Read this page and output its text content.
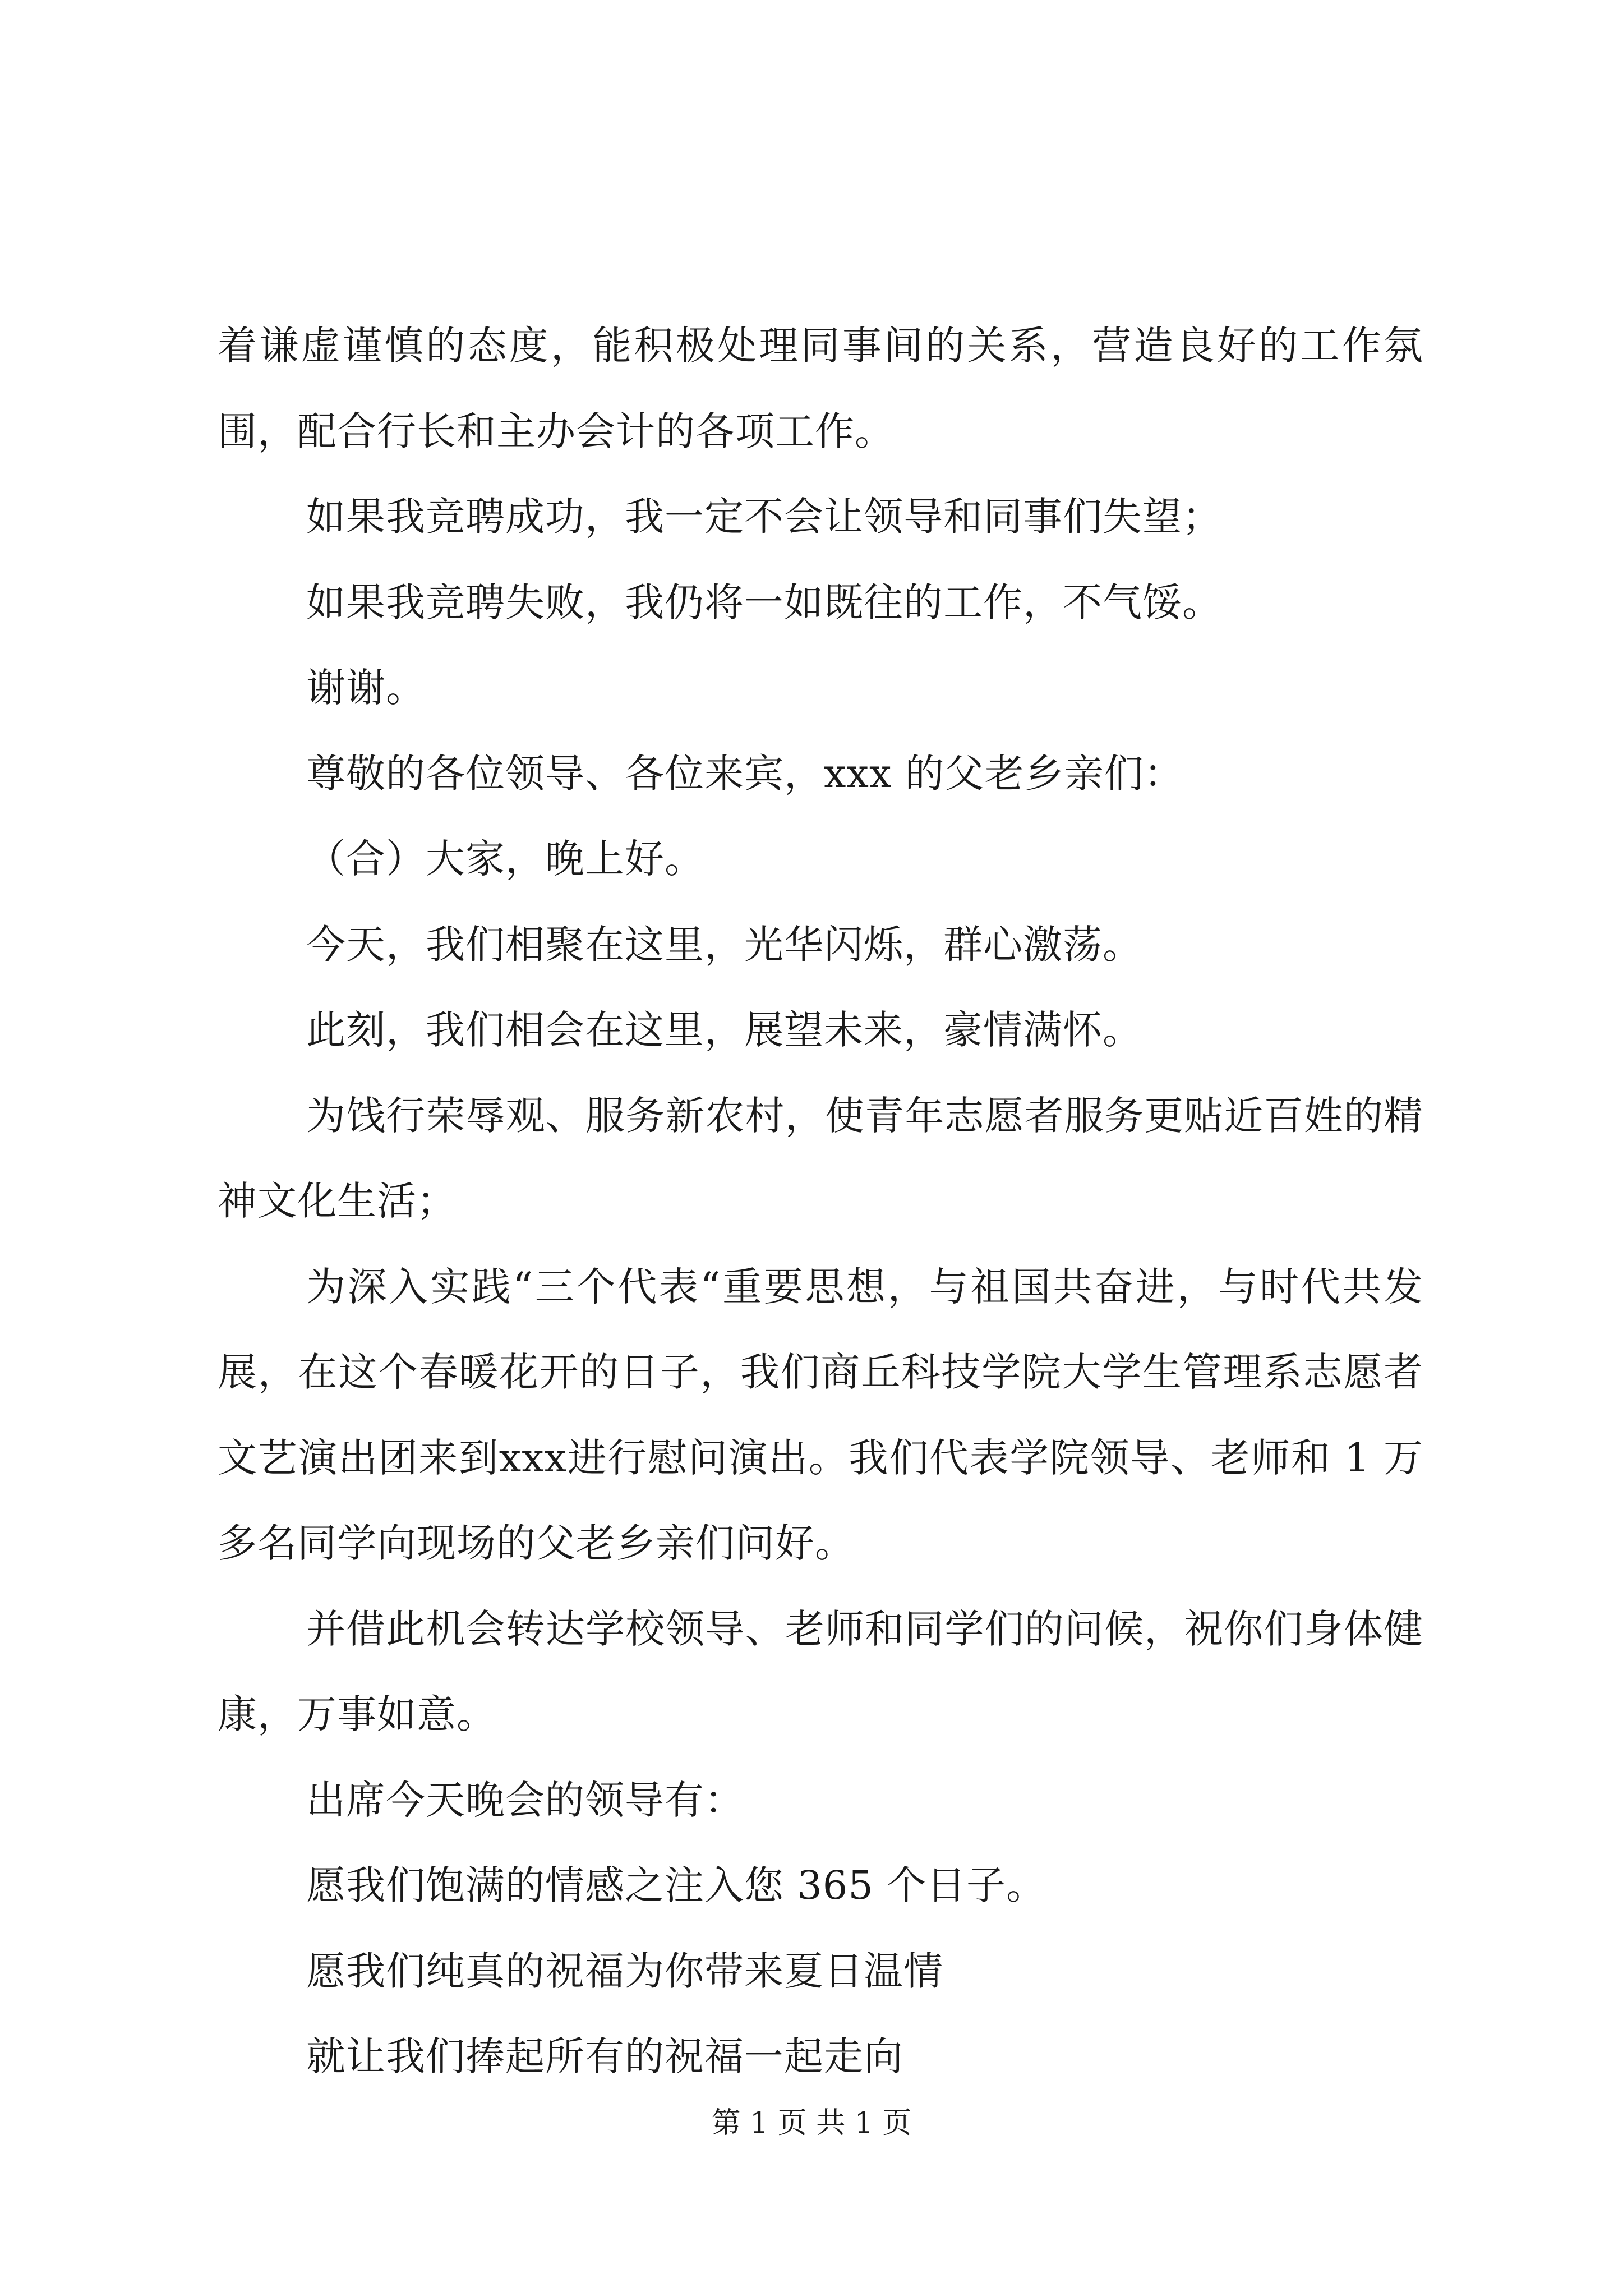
着谦虚谨慎的态度，能积极处理同事间的关系，营造良好的工作氛围，配合行长和主办会计的各项工作。

如果我竞聘成功，我一定不会让领导和同事们失望；

如果我竞聘失败，我仍将一如既往的工作，不气馁。

谢谢。

尊敬的各位领导、各位来宾，xxx 的父老乡亲们：

（合）大家，晚上好。

今天，我们相聚在这里，光华闪烁，群心激荡。

此刻，我们相会在这里，展望未来，豪情满怀。

为饯行荣辱观、服务新农村，使青年志愿者服务更贴近百姓的精神文化生活；

为深入实践“三个代表“重要思想，与祖国共奋进，与时代共发展，在这个春暖花开的日子，我们商丘科技学院大学生管理系志愿者文艺演出团来到xxx进行慰问演出。我们代表学院领导、老师和 1 万多名同学向现场的父老乡亲们问好。

并借此机会转达学校领导、老师和同学们的问候，祝你们身体健康，万事如意。

出席今天晚会的领导有：

愿我们饱满的情感之注入您 365 个日子。

愿我们纯真的祝福为你带来夏日温情

就让我们捧起所有的祝福一起走向

第 1 页 共 1 页
